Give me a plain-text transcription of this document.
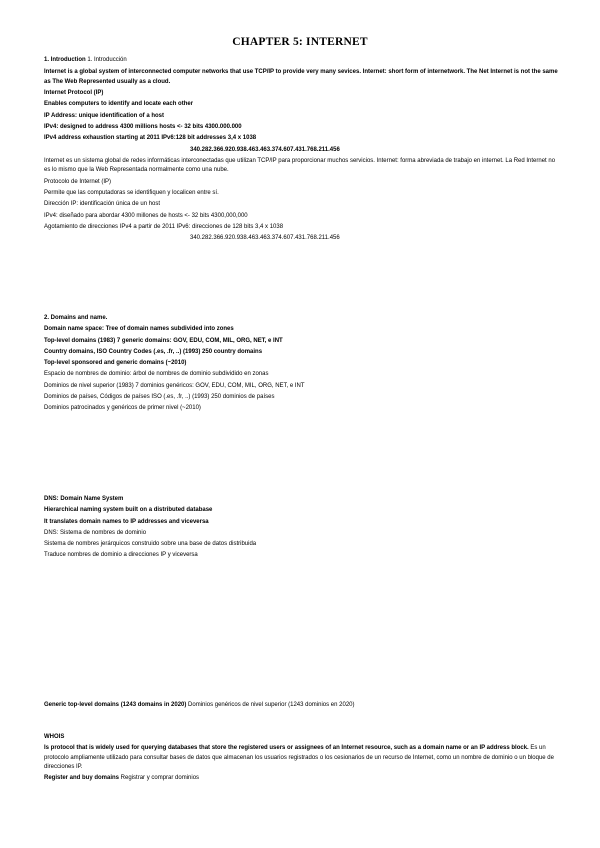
CHAPTER 5: INTERNET
1. Introduction 1. Introducción
Internet is a global system of interconnected computer networks that use TCP/IP to provide very many sevices. Internet: short form of internetwork. The Net Internet is not the same as The Web Represented usually as a cloud.
Internet Protocol (IP)
Enables computers to identify and locate each other
IP Address: unique identification of a host
IPv4: designed to address 4300 millions hosts <- 32 bits 4300.000.000
IPv4 address exhaustion starting at 2011 IPv6:128 bit addresses 3,4 x 1038
340.282.366.920.938.463.463.374.607.431.768.211.456
Internet es un sistema global de redes informáticas interconectadas que utilizan TCP/IP para proporcionar muchos servicios. Internet: forma abreviada de trabajo en internet. La Red Internet no es lo mismo que la Web Representada normalmente como una nube.
Protocolo de Internet (IP)
Permite que las computadoras se identifiquen y localicen entre sí.
Dirección IP: identificación única de un host
IPv4: diseñado para abordar 4300 millones de hosts <- 32 bits 4300,000,000
Agotamiento de direcciones IPv4 a partir de 2011 IPv6: direcciones de 128 bits 3,4 x 1038
340.282.366.920.938.463.463.374.607.431.768.211.456
2. Domains and name.
Domain name space: Tree of domain names subdivided into zones
Top-level domains (1983) 7 generic domains: GOV, EDU, COM, MIL, ORG, NET, e INT
Country domains, ISO Country Codes (.es, .fr, ..) (1993) 250 country domains
Top-level sponsored and generic domains (~2010)
Espacio de nombres de dominio: árbol de nombres de dominio subdividido en zonas
Dominios de nivel superior (1983) 7 dominios genéricos: GOV, EDU, COM, MIL, ORG, NET, e INT
Dominios de países, Códigos de países ISO (.es, .fr, ..) (1993) 250 dominios de países
Dominios patrocinados y genéricos de primer nivel (~2010)
DNS: Domain Name System
Hierarchical naming system built on a distributed database
It translates domain names to IP addresses and viceversa
DNS: Sistema de nombres de dominio
Sistema de nombres jerárquicos construido sobre una base de datos distribuida
Traduce nombres de dominio a direcciones IP y viceversa
Generic top-level domains (1243 domains in 2020) Dominios genéricos de nivel superior (1243 dominios en 2020)
WHOIS
Is protocol that is widely used for querying databases that store the registered users or assignees of an Internet resource, such as a domain name or an IP address block. Es un protocolo ampliamente utilizado para consultar bases de datos que almacenan los usuarios registrados o los cesionarios de un recurso de Internet, como un nombre de dominio o un bloque de direcciones IP.
Register and buy domains Registrar y comprar dominios
